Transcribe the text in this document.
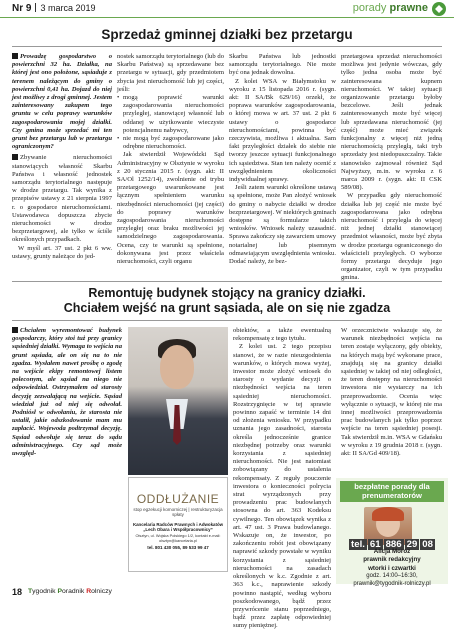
Nr 9 3 marca 2019	porady prawne
Sprzedaż gminnej działki bez przetargu

Prowadzę gospodarstwo o powierzchni 32 ha. Działka, na której jest ono położone, sąsiaduje z terenem należącym do gminy o powierzchni 0,41 ha. Dojazd do niej jest możliwy z drogi gminnej. Jestem zainteresowany zakupem tego gruntu w celu poprawy warunków zagospodarowania mojej działki. Czy gmina może sprzedać mi ten grunt bez przetargu lub w przetargu ograniczonym?

Zbywanie nieruchomości stanowiących własność Skarbu Państwa i własność jednostek samorządu terytorialnego następuje w drodze przetargu. Tak wynika z przepisów ustawy z 21 sierpnia 1997 r. o gospodarce nieruchomościami. Ustawodawca dopuszcza zbycie nieruchomości w drodze bezprzetargowej, ale tylko w ściśle określonych przypadkach.

W myśl art. 37 ust. 2 pkt 6 ww. ustawy, grunty należące do jed-

nostek samorządu terytorialnego (lub do Skarbu Państwa) są sprzedawane bez przetargu w sytuacji, gdy przedmiotem zbycia jest nieruchomość lub jej części, jeśli:

• mogą poprawić warunki zagospodarowania nieruchomości przyległej, stanowiącej własność lub oddanej w użytkowanie wieczyste potencjalnemu nabywcy,
• nie mogą być zagospodarowane jako odrębne nieruchomości.

Jak stwierdził Wojewódzki Sąd Administracyjny w Olsztynie w wyroku z 20 stycznia 2015 r. (sygn. akt: II SA/Ol 1252/14), zwolnienie od trybu przetargowego uwarunkowane jest łącznym spełnieniem warunku niezbędności nieruchomości (jej części) do poprawy warunków zagospodarowania nieruchomości przyległej oraz braku możliwości jej samodzielnego zagospodarowania. Ocena, czy te warunki są spełnione, dokonywana jest przez właściela nieruchomości, czyli organu

Skarbu Państwa lub jednostki samorządu terytorialnego. Nie może być ona jednak dowolna.

Z kolei WSA w Białymstoku w wyroku z 15 listopada 2016 r. (sygn. akt: II SA/Bk 629/16) orzekł, że poprawa warunków zagospodarowania, o której mowa w art. 37 ust. 2 pkt 6 ustawy o gospodarce nieruchomościami, powinna być rzeczywista, możliwa i aktualna. Sam fakt przyległości działek do siebie nie tworzy jeszcze sytuacji funkcjonalnego ich sąsiedztwa. Stan ten należy ocenić z uwzględnieniem okoliczności indywidualnej sprawy.

Jeśli zatem warunki określone ustawą są spełnione, może Pan złożyć wniosek do gminy o nabycie działki w drodze bezprzetargowej. W niektórych gminach dostępne są formularze takich wniosków. Wniosek należy uzasadnić. Sprawa zakończy się zawarciem umowy notarialnej lub pisemnym odmawiającym uwzględnienia wniosku. Dodać należy, że bez-

przetargowa sprzedaż nieruchomości możliwa jest jedynie wówczas, gdy tylko jedna osoba może być zainteresowana kupnem nieruchomości. W takiej sytuacji organizowanie przetargu byłoby bezcelowe. Jeśli jednak zainteresowanych może być więcej lub sprzedawana nieruchomość (jej część) może mieć związek funkcjonalny z więcej niż jedną nieruchomością przyległą, taki tryb sprzedaży jest niedopuszczalny. Takie stanowisko zajmował również Sąd Najwyższy, m.in. w wyroku z 6 marca 2009 r. (sygn. akt: II CSK 589/08).

W przypadku gdy nieruchomość działka lub jej część nie może być zagospodarowana jako odrębna nieruchomość i przyległa do więcej niż jednej działki stanowiącej przedmiot własności, może być zbyta w drodze przetargu ograniczonego do właścicieli przyległych. O wyborze formy przetargu decyduje jego organizator, czyli w tym przypadku gmina.

Remontuję budynek stojący na granicy działki.
Chciałem wejść na grunt sąsiada, ale on się nie zgadza

Chciałem wyremontować budynek gospodarczy, który stoi tuż przy granicy sąsiedniej działki. Wymaga to wejścia na grunt sąsiada, ale on się na to nie zgadza. Wysłałem nawet prośbę o zgodę na wejście ekipy remontowej listem poleconym, ale sąsiad na niego nie odpowiedział. Ostrzymałem od starosty decyzję zezwalającą na wejście. Sąsiad wiedział już od niej się odwołał. Podniósł w odwołaniu, że starosta nie ustalił, jakie odszkodowanie mam mu zapłacić. Wojewoda podtrzymał decyzję. Sąsiad odwołuje się teraz do sądu administracyjnego. Czy sąd może uwzględ-

ODDŁUŻANIE
stop egzekucji komorniczej | restrukturyzacja spłaty
Kancelaria Radców Prawnych i Adwokatów „Lech Obara i Współpracownicy”
Olsztyn, ul. Wojska Polskiego 1/2, kontakt e-mail: olsztyn@kancelaria.pl
tel. 801 430 055, 89 533 99 47

obiektów, a także ewentualną rekompensatę z tego tytułu.

Z kolei ust. 2 tego przepisu stanowi, że w razie nieuzgodnienia warunków, o których mowa wyżej, inwestor może złożyć wniosek do starosty o wydanie decyzji o niezbędności wejścia na teren sąsiedniej nieruchomości. Rozstrzygnięcie w tej sprawie powinno zapaść w terminie 14 dni od złożenia wniosku. W przypadku uznania jego zasadności, starosta określa jednocześnie granice niezbędnej potrzeby oraz warunki korzystania z sąsiedniej nieruchomości. Nie jest natomiast zobowiązany do ustalenia rekompensaty. Z reguły pouczenie inwestora o konieczności polrycia strat wyrządzonych przy prowadzeniu prac budowlanych stosowna do art. 363 Kodeksu cywilnego. Ten obowiązek wynika z art. 47 ust. 3 Prawa budowlanego. Wskazuje on, że inwestor, po zakończeniu robót jest obowiązany naprawić szkody powstałe w wyniku korzystania z sąsiedniej nieruchomości na zasadach określonych w k.c. Zgodnie z art. 363 k.c., naprawienie szkody powinno nastąpić, według wyboru poszkodowanego, bądź przez przywrócenie stanu poprzedniego, bądź przez zapłatę odpowiedniej sumy pieniężnej.

W orzecznictwie wskazuje się, że warunek niezbędności wejścia na teren zostaje wyłączony, gdy obiekty, na których mają być wykonane prace, znajdują się na granicy działki sąsiedniej w takiej od niej odległości, że teren dostępny na nieruchomości inwestora nie wystarczy na ich przeprowadzenie. Ocenia więc wyłącznie o sytuacji, w której nie ma innej możliwości przeprowadzenia prac budowlanych jak tylko poprzez wejście na teren sąsiedniej posesji. Tak stwierdził m.in. WSA w Gdańsku w wyroku z 19 grudnia 2018 r. (sygn. akt: II SA/Gd 409/18).

bezpłatne porady dla prenumeratorów
tel. 61 886 29 08
Alicja Moroz
prawnik redakcyjny
wtorki i czwartki
godz. 14:00–16:30,
prawnik@tygodnik-rolniczy.pl
18 Tygodnik Poradnik Rolniczy
